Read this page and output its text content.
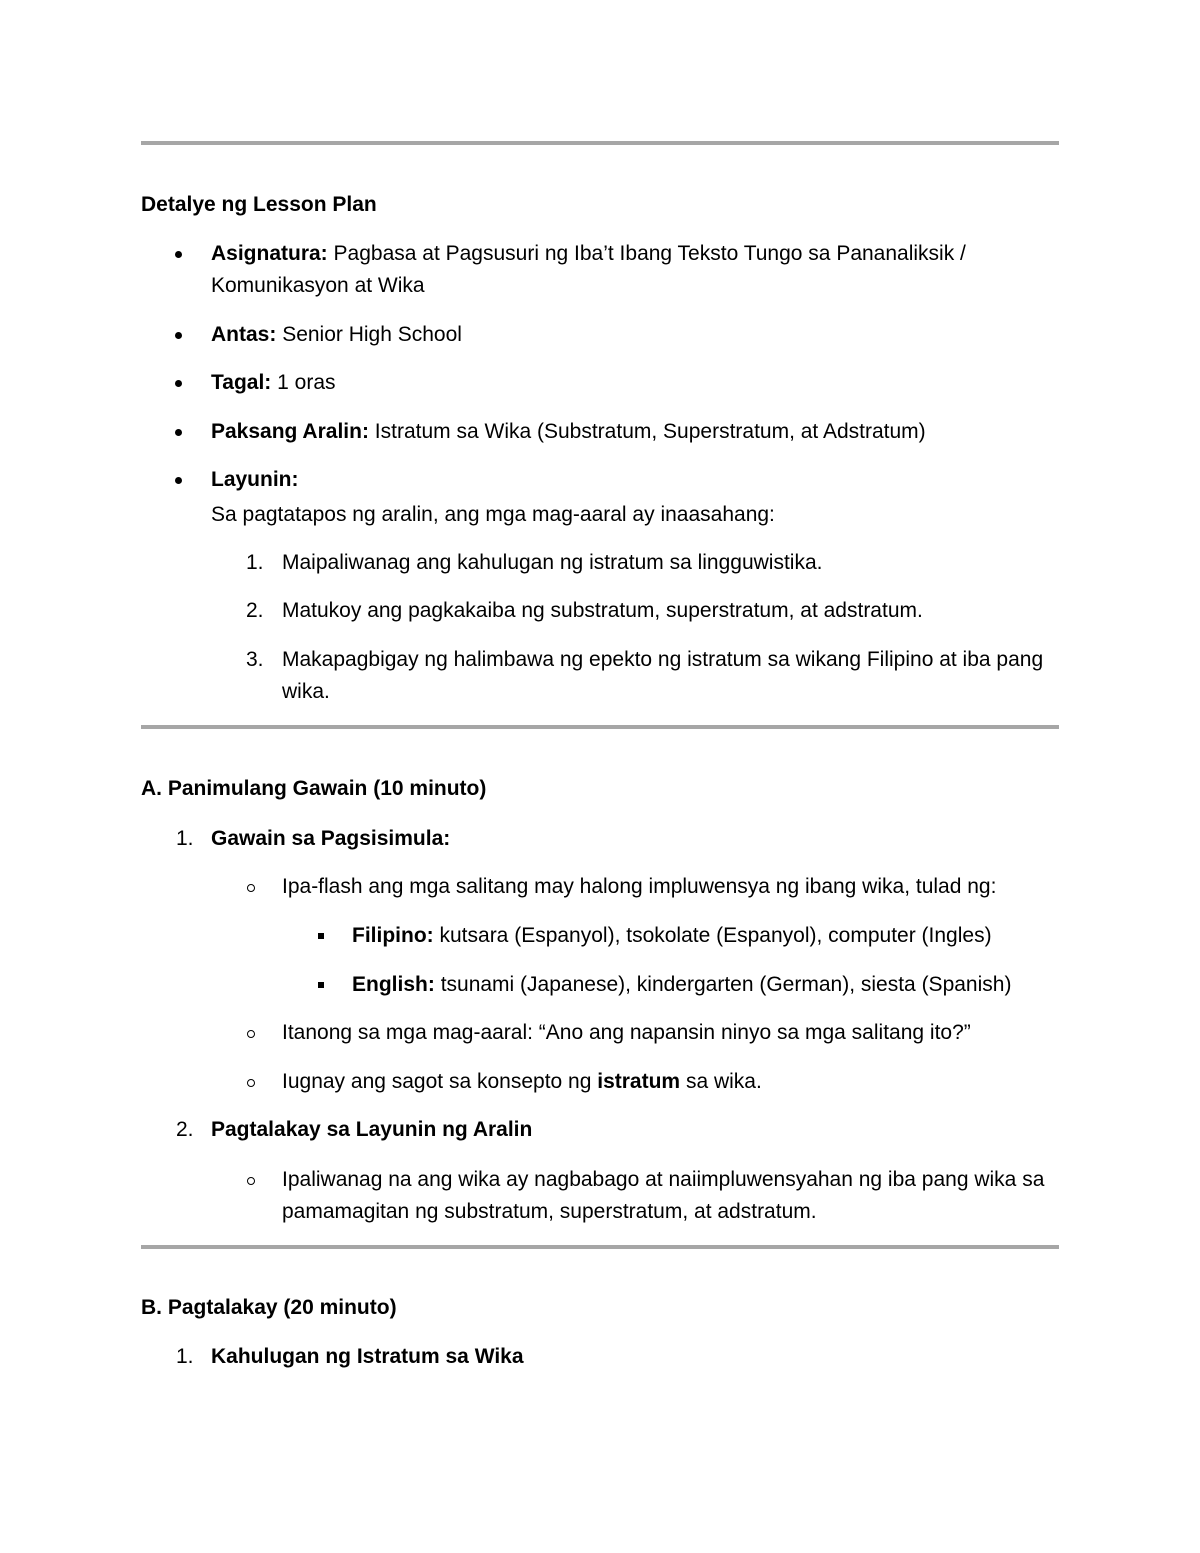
Detalye ng Lesson Plan
Asignatura: Pagbasa at Pagsusuri ng Iba’t Ibang Teksto Tungo sa Pananaliksik /
Komunikasyon at Wika
Antas: Senior High School
Tagal: 1 oras
Paksang Aralin: Istratum sa Wika (Substratum, Superstratum, at Adstratum)
Layunin:
Sa pagtatapos ng aralin, ang mga mag-aaral ay inaasahang:
1. Maipaliwanag ang kahulugan ng istratum sa lingguwistika.
2. Matukoy ang pagkakaiba ng substratum, superstratum, at adstratum.
3. Makapagbigay ng halimbawa ng epekto ng istratum sa wikang Filipino at iba pang
wika.
A. Panimulang Gawain (10 minuto)
1. Gawain sa Pagsisimula:
Ipa-flash ang mga salitang may halong impluwensya ng ibang wika, tulad ng:
Filipino: kutsara (Espanyol), tsokolate (Espanyol), computer (Ingles)
English: tsunami (Japanese), kindergarten (German), siesta (Spanish)
Itanong sa mga mag-aaral: “Ano ang napansin ninyo sa mga salitang ito?”
Iugnay ang sagot sa konsepto ng istratum sa wika.
2. Pagtalakay sa Layunin ng Aralin
Ipaliwanag na ang wika ay nagbabago at naiimpluwensyahan ng iba pang wika sa
pamamagitan ng substratum, superstratum, at adstratum.
B. Pagtalakay (20 minuto)
1. Kahulugan ng Istratum sa Wika
